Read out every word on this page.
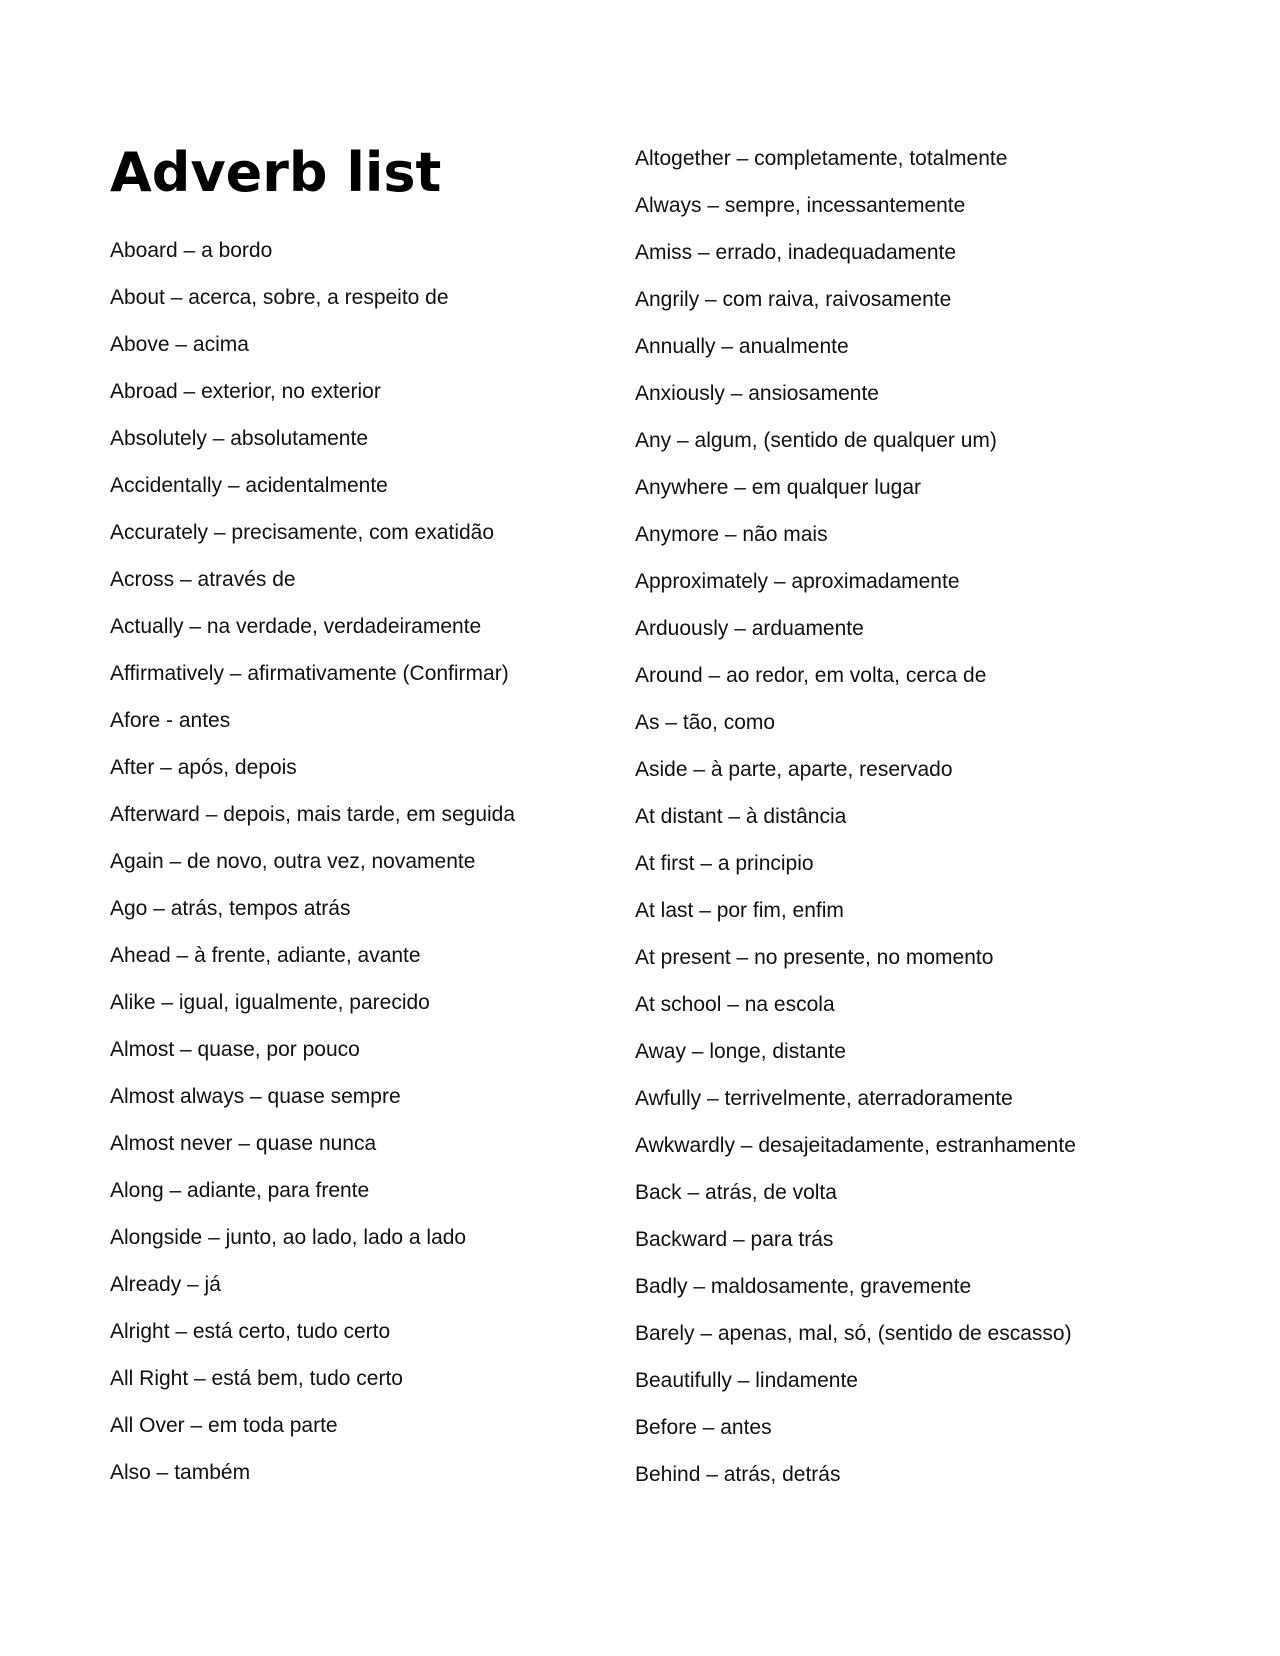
Adverb list
Aboard – a bordo
About – acerca, sobre, a respeito de
Above – acima
Abroad – exterior, no exterior
Absolutely – absolutamente
Accidentally – acidentalmente
Accurately – precisamente, com exatidão
Across – através de
Actually – na verdade, verdadeiramente
Affirmatively – afirmativamente (Confirmar)
Afore - antes
After – após, depois
Afterward – depois, mais tarde, em seguida
Again – de novo, outra vez, novamente
Ago – atrás, tempos atrás
Ahead – à frente, adiante, avante
Alike – igual, igualmente, parecido
Almost – quase, por pouco
Almost always – quase sempre
Almost never – quase nunca
Along – adiante, para frente
Alongside – junto, ao lado, lado a lado
Already – já
Alright – está certo, tudo certo
All Right – está bem, tudo certo
All Over – em toda parte
Also – também
Altogether – completamente, totalmente
Always – sempre, incessantemente
Amiss – errado, inadequadamente
Angrily – com raiva, raivosamente
Annually – anualmente
Anxiously – ansiosamente
Any – algum, (sentido de qualquer um)
Anywhere – em qualquer lugar
Anymore – não mais
Approximately – aproximadamente
Arduously – arduamente
Around – ao redor, em volta, cerca de
As – tão, como
Aside – à parte, aparte, reservado
At distant – à distância
At first – a principio
At last – por fim, enfim
At present – no presente, no momento
At school – na escola
Away – longe, distante
Awfully – terrivelmente, aterradoramente
Awkwardly – desajeitadamente, estranhamente
Back – atrás, de volta
Backward – para trás
Badly – maldosamente, gravemente
Barely – apenas, mal, só, (sentido de escasso)
Beautifully – lindamente
Before – antes
Behind – atrás, detrás
